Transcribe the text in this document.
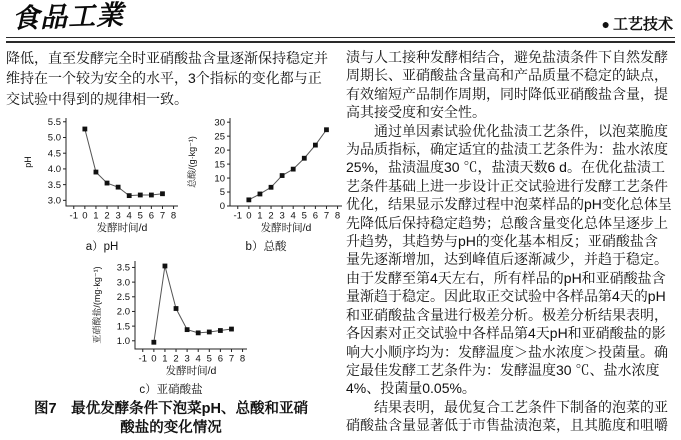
食品工業	● 工艺技术
降低，直至发酵完全时亚硝酸盐含量逐渐保持稳定并
维持在一个较为安全的水平，3个指标的变化都与正
交试验中得到的规律相一致。
3.0
3.5
4.0
4.5
5.0
5.5
-1 0 1 2 3 4 5 6 7 8
pH
发酵时间/d
a）pH
0
5
10
15
20
25
30
-1 0 1 2 3 4 5 6 7 8
总酸/(g·kg⁻¹)
发酵时间/d
b）总酸
1.0
1.5
2.0
2.5
3.0
3.5
-1 0 1 2 3 4 5 6 7 8
亚硝酸盐/(mg·kg⁻¹)
发酵时间/d
c）亚硝酸盐
图7　最优发酵条件下泡菜pH、总酸和亚硝
酸盐的变化情况
渍与人工接种发酵相结合，避免盐渍条件下自然发酵
周期长、亚硝酸盐含量高和产品质量不稳定的缺点，
有效缩短产品制作周期，同时降低亚硝酸盐含量，提
高其接受度和安全性。
　　通过单因素试验优化盐渍工艺条件，以泡菜脆度
为品质指标，确定适宜的盐渍工艺条件为：盐水浓度
25%，盐渍温度30 ℃，盐渍天数6 d。在优化盐渍工
艺条件基础上进一步设计正交试验进行发酵工艺条件
优化，结果显示发酵过程中泡菜样品的pH变化总体呈
先降低后保持稳定趋势；总酸含量变化总体呈逐步上
升趋势，其趋势与pH的变化基本相反；亚硝酸盐含
量先逐渐增加，达到峰值后逐渐减少，并趋于稳定。
由于发酵至第4天左右，所有样品的pH和亚硝酸盐含
量渐趋于稳定。因此取正交试验中各样品第4天的pH
和亚硝酸盐含量进行极差分析。极差分析结果表明，
各因素对正交试验中各样品第4天pH和亚硝酸盐的影
响大小顺序均为：发酵温度＞盐水浓度＞投菌量。确
定最佳发酵工艺条件为：发酵温度30 ℃、盐水浓度
4%、投菌量0.05%。
　　结果表明，最优复合工艺条件下制备的泡菜的亚
硝酸盐含量显著低于市售盐渍泡菜，且其脆度和咀嚼
